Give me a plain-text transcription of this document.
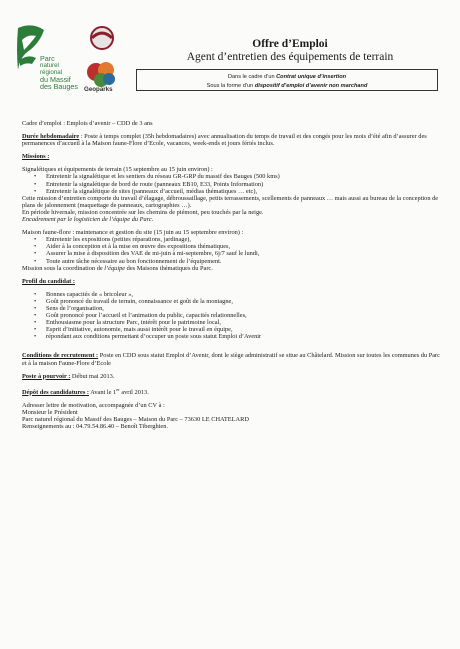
Parc
naturel
régional
du Massif
des Bauges Geoparks
Offre d’Emploi
Agent d’entretien des équipements de terrain
Dans le cadre d’un Contrat unique d’insertion
Sous la forme d’un dispositif d’emploi d’avenir non marchand

Cadre d’emploi : Emplois d’avenir – CDD de 3 ans

Durée hebdomadaire : Poste à temps complet (35h hebdomadaires) avec annualisation du temps de travail et des congés pour les mois d’été afin d’assurer des permanences d’accueil à la Maison faune-Flore d’Ecole, vacances, week-ends et jours fériés inclus.

Missions :

Signalétiques et équipements de terrain (15 septembre au 15 juin environ) :

• Entretenir la signalétique et les sentiers du réseau GR-GRP du massif des Bauges (500 kms)
• Entretenir la signalétique de bord de route (panneaux EB10, E33, Points Information)
• Entretenir la signalétique de sites (panneaux d’accueil, médias thématiques … etc),

Cette mission d’entretien comporte du travail d’élagage, débroussaillage, petits terrassements, scellements de panneaux … mais aussi au bureau de la conception de plans de jalonnement (maquettage de panneaux, cartographies …).

En période hivernale, mission concentrée sur les chemins de piémont, peu touchés par la neige.

Encadrement par le logisticien de l’équipe du Parc.

Maison faune-flore : maintenance et gestion du site (15 juin au 15 septembre environ) :

• Entretenir les expositions (petites réparations, jardinage),
• Aider à la conception et à la mise en œuvre des expositions thématiques,
• Assurer la mise à disposition des VAE de mi-juin à mi-septembre, 6j/7 sauf le lundi,
• Toute autre tâche nécessaire au bon fonctionnement de l’équipement.

Mission sous la coordination de l’équipe des Maisons thématiques du Parc.

Profil du candidat :

• Bonnes capacités de « bricoleur »,
• Goût prononcé du travail de terrain, connaissance et goût de la montagne,
• Sens de l’organisation,
• Goût prononcé pour l’accueil et l’animation du public, capacités relationnelles,
• Enthousiasme pour la structure Parc, intérêt pour le patrimoine local,
• Esprit d’initiative, autonomie, mais aussi intérêt pour le travail en équipe,
• répondant aux conditions permettant d’occuper un poste sous statut Emploi d’Avenir

Conditions de recrutement : Poste en CDD sous statut Emploi d’Avenir, dont le siège administratif se situe au Châtelard. Mission sur toutes les communes du Parc et à la maison Faune-Flore d’Ecole

Poste à pourvoir : Début mai 2013.

Dépôt des candidatures : Avant le 1er avril 2013.

Adresser lettre de motivation, accompagnée d’un CV à :

Monsieur le Président

Parc naturel régional du Massif des Bauges – Maison du Parc – 73630 LE CHATELARD

Renseignements au : 04.79.54.86.40 – Benoît Tiberghien.
